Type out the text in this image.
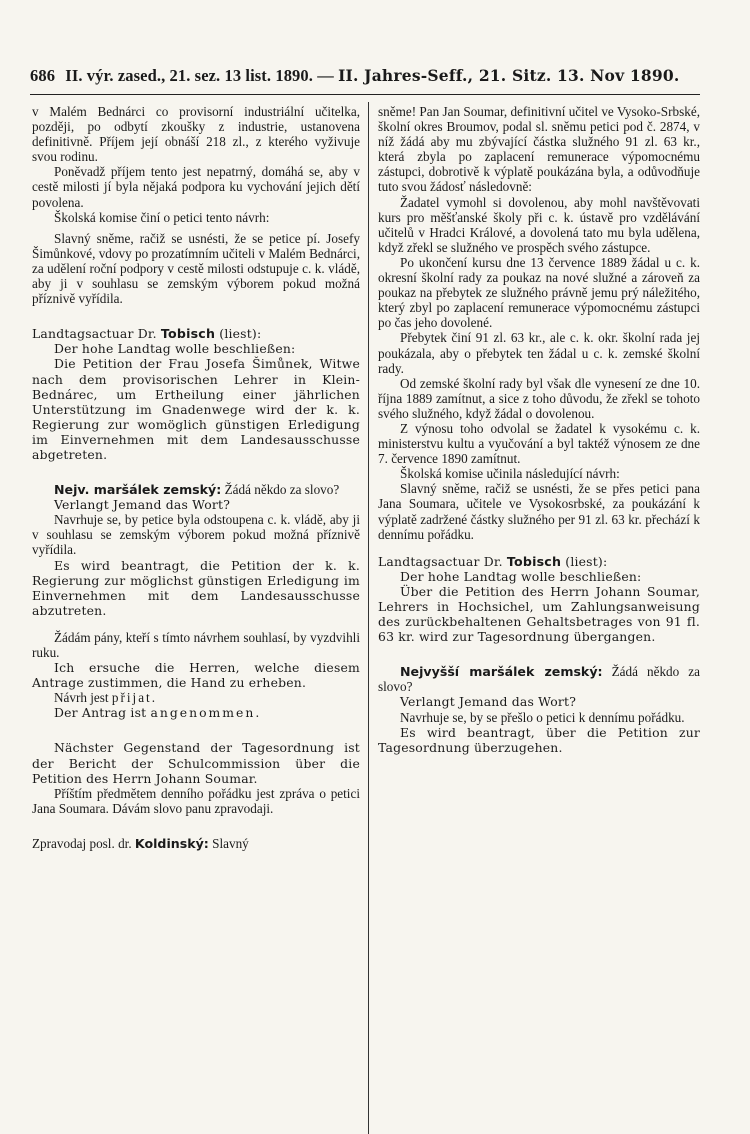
686 II. výr. zased., 21. sez. 13 list. 1890. — II. Jahres-Seff., 21. Sitz. 13. Nov 1890.

v Malém Bednárci co provisorní industriální učitelka, později, po odbytí zkoušky z industrie, ustanovena definitivně. Příjem její obnáší 218 zl., z kterého vyživuje svou rodinu.

Poněvadž příjem tento jest nepatrný, domáhá se, aby v cestě milosti jí byla nějaká podpora ku vychování jejich dětí povolena.

Školská komise činí o petici tento návrh:

Slavný sněme, račiž se usnésti, že se petice pí. Josefy Šimůnkové, vdovy po prozatímním učiteli v Malém Bednárci, za udělení roční podpory v cestě milosti odstupuje c. k. vládě, aby ji v souhlasu se zemským výborem pokud možná příznivě vyřídila.

Landtagsactuar Dr. Tobisch (liest):

Der hohe Landtag wolle beschließen:

Die Petition der Frau Josefa Šimůnek, Witwe nach dem provisorischen Lehrer in Klein-Bednárec, um Ertheilung einer jährlichen Unterstützung im Gnadenwege wird der k. k. Regierung zur womöglich günstigen Erledigung im Einvernehmen mit dem Landesausschusse abgetreten.

Nejv. maršálek zemský: Žádá někdo za slovo?

Verlangt Jemand das Wort?

Navrhuje se, by petice byla odstoupena c. k. vládě, aby ji v souhlasu se zemským výborem pokud možná příznivě vyřídila.

Es wird beantragt, die Petition der k. k. Regierung zur möglichst günstigen Erledigung im Einvernehmen mit dem Landesausschusse abzutreten.

Žádám pány, kteří s tímto návrhem souhlasí, by vyzdvihli ruku.

Ich ersuche die Herren, welche diesem Antrage zustimmen, die Hand zu erheben.

Návrh jest přijat.

Der Antrag ist angenommen.

Nächster Gegenstand der Tagesordnung ist der Bericht der Schulcommission über die Petition des Herrn Johann Soumar.

Příštím předmětem denního pořádku jest zpráva o petici Jana Soumara. Dávám slovo panu zpravodaji.

Zpravodaj posl. dr. Koldinský: Slavný

sněme! Pan Jan Soumar, definitivní učitel ve Vysoko-Srbské, školní okres Broumov, podal sl. sněmu petici pod č. 2874, v níž žádá aby mu zbývající částka služného 91 zl. 63 kr., která zbyla po zaplacení remunerace výpomocnému zástupci, dobrotivě k výplatě poukázána byla, a odůvodňuje tuto svou žádosť následovně:

Žadatel vymohl si dovolenou, aby mohl navštěvovati kurs pro měšťanské školy při c. k. ústavě pro vzdělávání učitelů v Hradci Králové, a dovolená tato mu byla udělena, když zřekl se služného ve prospěch svého zástupce.

Po ukončení kursu dne 13 července 1889 žádal u c. k. okresní školní rady za poukaz na nové služné a zároveň za poukaz na přebytek ze služného právně jemu prý náležitého, který zbyl po zaplacení remunerace výpomocnému zástupci po čas jeho dovolené.

Přebytek činí 91 zl. 63 kr., ale c. k. okr. školní rada jej poukázala, aby o přebytek ten žádal u c. k. zemské školní rady.

Od zemské školní rady byl však dle vynesení ze dne 10. října 1889 zamítnut, a sice z toho důvodu, že zřekl se tohoto svého služného, když žádal o dovolenou.

Z výnosu toho odvolal se žadatel k vysokému c. k. ministerstvu kultu a vyučování a byl taktéž výnosem ze dne 7. července 1890 zamítnut.

Školská komise učinila následující návrh:

Slavný sněme, račiž se usnésti, že se přes petici pana Jana Soumara, učitele ve Vysokosrbské, za poukázání k výplatě zadržené částky služného per 91 zl. 63 kr. přechází k dennímu pořádku.

Landtagsactuar Dr. Tobisch (liest):

Der hohe Landtag wolle beschließen:

Über die Petition des Herrn Johann Soumar, Lehrers in Hochsichel, um Zahlungsanweisung des zurückbehaltenen Gehaltsbetrages von 91 fl. 63 kr. wird zur Tagesordnung übergangen.

Nejvyšší maršálek zemský: Žádá někdo za slovo?

Verlangt Jemand das Wort?

Navrhuje se, by se přešlo o petici k dennímu pořádku.

Es wird beantragt, über die Petition zur Tagesordnung überzugehen.
